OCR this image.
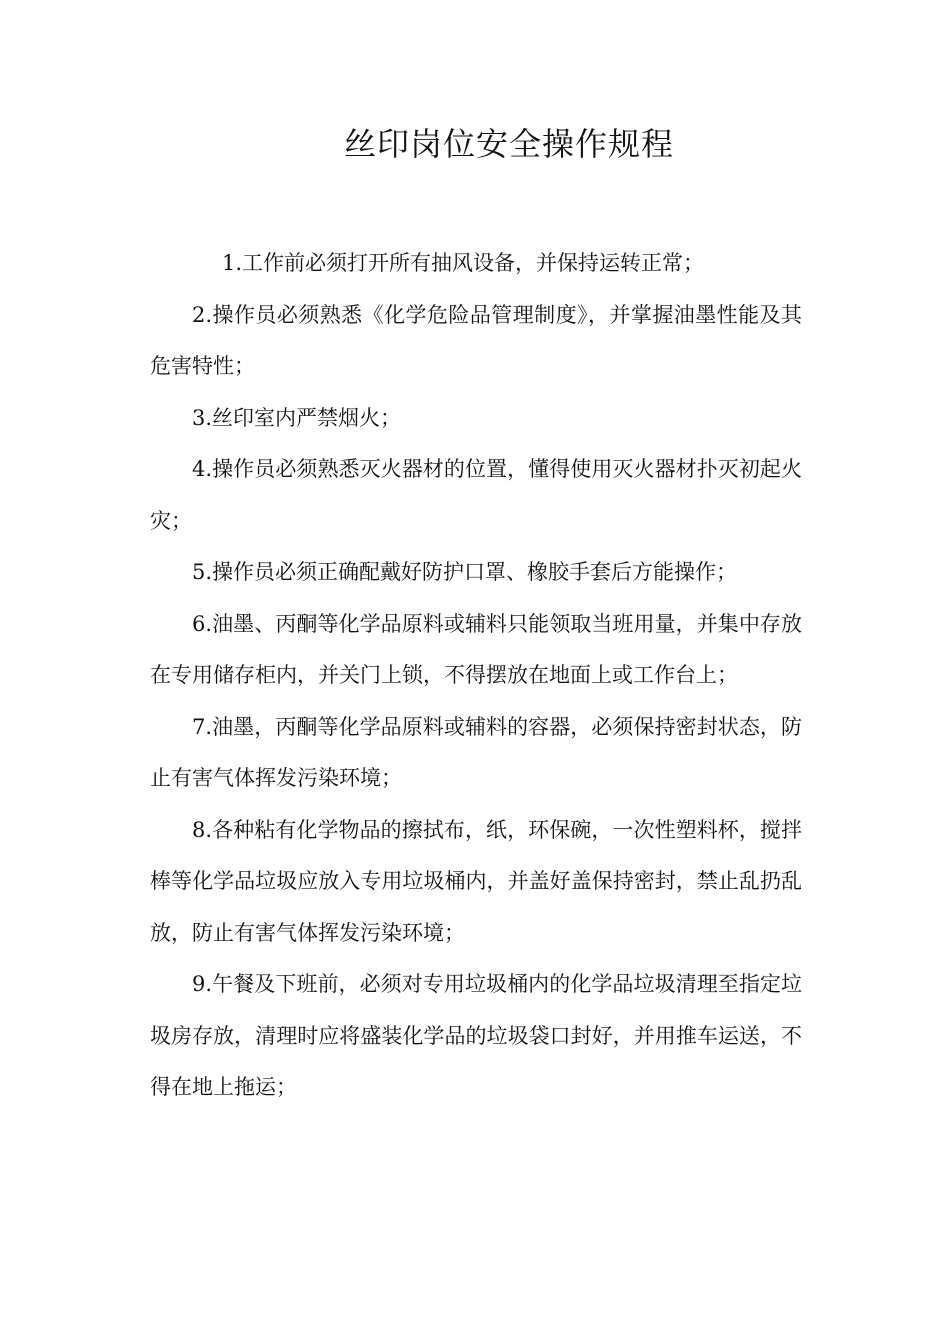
丝印岗位安全操作规程

1.工作前必须打开所有抽风设备，并保持运转正常；

2.操作员必须熟悉《化学危险品管理制度》，并掌握油墨性能及其危害特性；

3.丝印室内严禁烟火；

4.操作员必须熟悉灭火器材的位置，懂得使用灭火器材扑灭初起火灾；

5.操作员必须正确配戴好防护口罩、橡胶手套后方能操作；

6.油墨、丙酮等化学品原料或辅料只能领取当班用量，并集中存放在专用储存柜内，并关门上锁，不得摆放在地面上或工作台上；

7.油墨，丙酮等化学品原料或辅料的容器，必须保持密封状态，防止有害气体挥发污染环境；

8.各种粘有化学物品的擦拭布，纸，环保碗，一次性塑料杯，搅拌棒等化学品垃圾应放入专用垃圾桶内，并盖好盖保持密封，禁止乱扔乱放，防止有害气体挥发污染环境；

9.午餐及下班前，必须对专用垃圾桶内的化学品垃圾清理至指定垃圾房存放，清理时应将盛装化学品的垃圾袋口封好，并用推车运送，不得在地上拖运；
